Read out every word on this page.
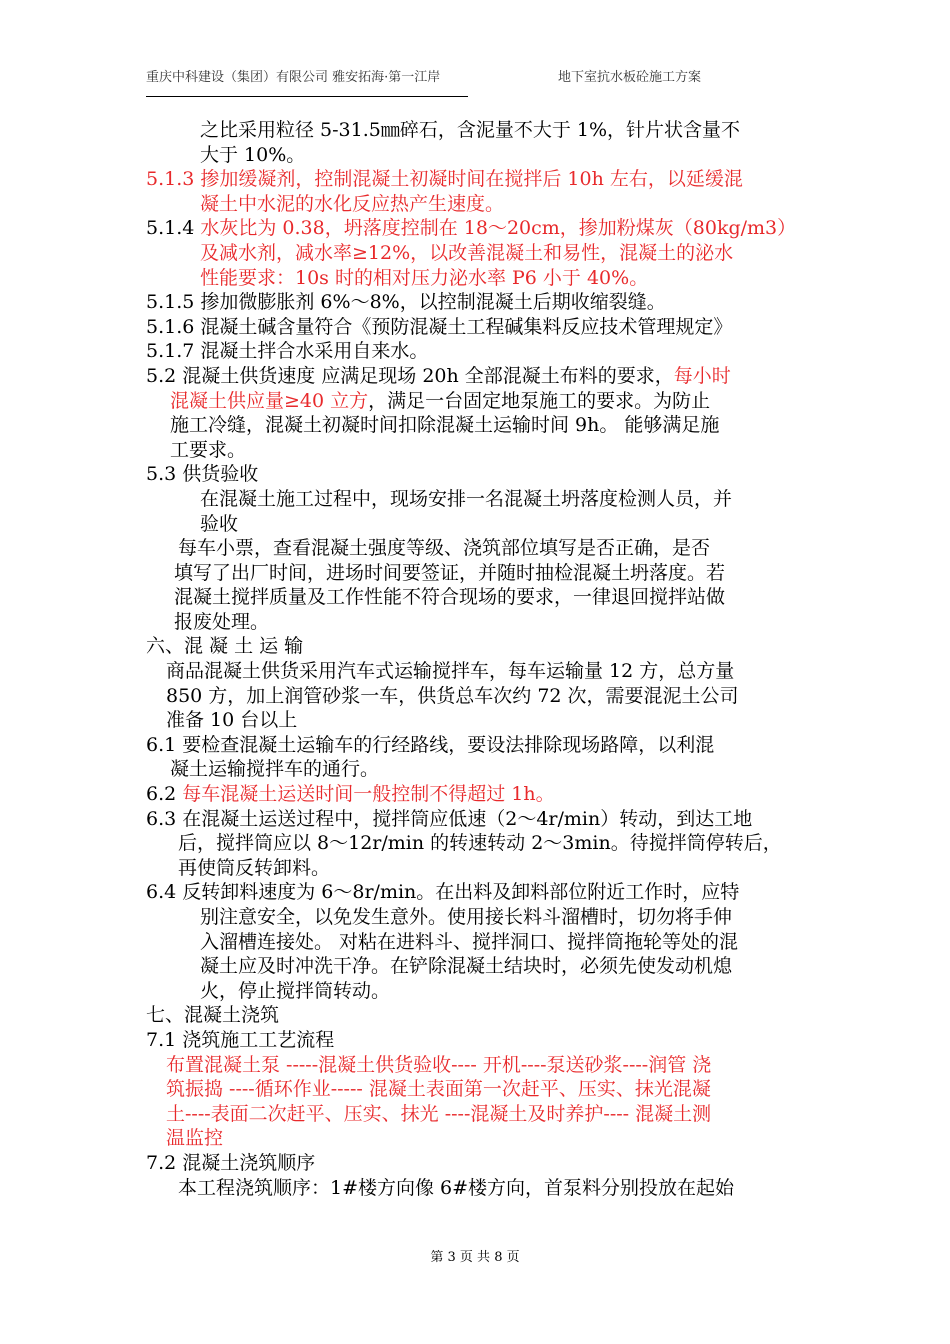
重庆中科建设（集团）有限公司 雅安拓海·第一江岸	地下室抗水板砼施工方案
之比采用粒径 5-31.5㎜碎石，含泥量不大于 1%，针片状含量不
大于 10%。
5.1.3 掺加缓凝剂，控制混凝土初凝时间在搅拌后 10h 左右，以延缓混
凝土中水泥的水化反应热产生速度。
5.1.4 水灰比为 0.38，坍落度控制在 18～20cm，掺加粉煤灰（80kg/m3）
及减水剂，减水率≥12%，以改善混凝土和易性，混凝土的泌水
性能要求：10s 时的相对压力泌水率 P6 小于 40%。
5.1.5 掺加微膨胀剂 6%～8%，以控制混凝土后期收缩裂缝。
5.1.6 混凝土碱含量符合《预防混凝土工程碱集料反应技术管理规定》
5.1.7 混凝土拌合水采用自来水。
5.2 混凝土供货速度 应满足现场 20h 全部混凝土布料的要求，每小时
混凝土供应量≥40 立方，满足一台固定地泵施工的要求。为防止
施工冷缝，混凝土初凝时间扣除混凝土运输时间 9h。 能够满足施
工要求。
5.3 供货验收
在混凝土施工过程中，现场安排一名混凝土坍落度检测人员，并
验收
每车小票，查看混凝土强度等级、浇筑部位填写是否正确，是否
填写了出厂时间，进场时间要签证，并随时抽检混凝土坍落度。若
混凝土搅拌质量及工作性能不符合现场的要求，一律退回搅拌站做
报废处理。
六、混 凝 土 运 输
商品混凝土供货采用汽车式运输搅拌车，每车运输量 12 方，总方量
850 方，加上润管砂浆一车，供货总车次约 72 次，需要混泥土公司
准备 10 台以上
6.1 要检查混凝土运输车的行经路线，要设法排除现场路障，以利混
凝土运输搅拌车的通行。
6.2 每车混凝土运送时间一般控制不得超过 1h。
6.3 在混凝土运送过程中，搅拌筒应低速（2～4r/min）转动，到达工地
后，搅拌筒应以 8～12r/min 的转速转动 2～3min。待搅拌筒停转后，
再使筒反转卸料。
6.4 反转卸料速度为 6～8r/min。在出料及卸料部位附近工作时，应特
别注意安全，以免发生意外。使用接长料斗溜槽时，切勿将手伸
入溜槽连接处。 对粘在进料斗、搅拌洞口、搅拌筒拖轮等处的混
凝土应及时冲洗干净。在铲除混凝土结块时，必须先使发动机熄
火，停止搅拌筒转动。
七、混凝土浇筑
7.1 浇筑施工工艺流程
布置混凝土泵 -----混凝土供货验收---- 开机----泵送砂浆----润管 浇
筑振捣 ----循环作业----- 混凝土表面第一次赶平、压实、抹光混凝
土----表面二次赶平、压实、抹光 ----混凝土及时养护---- 混凝土测
温监控
7.2 混凝土浇筑顺序
本工程浇筑顺序：1#楼方向像 6#楼方向，首泵料分别投放在起始
第 3 页 共 8 页
